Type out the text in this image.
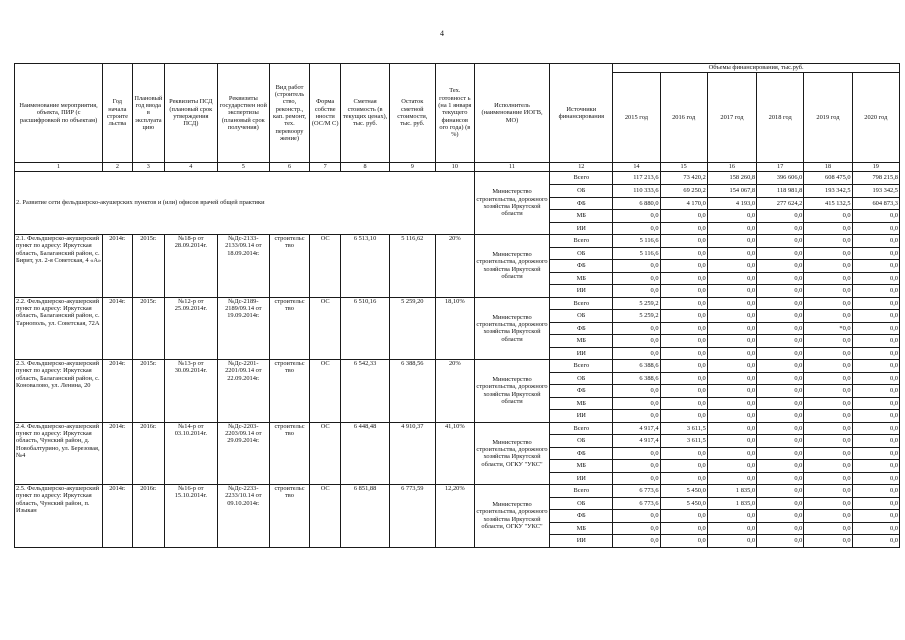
4
Наименование мероприятия, объекта, ПИР (с расшифровкой по объектам)	Год начала строите льства	Плановый год ввода в эксплуата цию	Реквизиты ПСД (плановый срок утверждения ПСД)	Реквизиты государствен ной экспертизы (плановый срок получения)	Вид работ (строитель ство, реконстр., кап. ремонт, тех. перевоору жение)	Форма собстве нности (ОС/М С)	Сметная стоимость (в текущих ценах), тыс. руб.	Остаток сметной стоимости, тыс. руб.	Тех. готовност ь (на 1 января текущего финансов ого года) (в %)	Исполнитель (наименование ИОГВ, МО)	Источники финансирования	Объемы финансирования, тыс.руб.					
												2015 год	2016 год	2017 год	2018 год	2019 год	2020 год
1	2	3	4	5	6	7	8	9	10	11	12	14	15	16	17	18	19
2. Развитие сети фельдшерско-акушерских пунктов и (или) офисов врачей общей практики										Министерство строительства, дорожного хозяйства Иркутской области	Всего	117 213,6	73 420,2	158 260,8	396 606,0	608 475,0	798 215,8
											ОБ	110 333,6	69 250,2	154 067,8	118 981,8	193 342,5	193 342,5
											ФБ	6 880,0	4 170,0	4 193,0	277 624,2	415 132,5	604 873,3
											МБ	0,0	0,0	0,0	0,0	0,0	0,0
											ИИ	0,0	0,0	0,0	0,0	0,0	0,0
2.1. Фельдшерско-акушерский пункт по адресу: Иркутская область, Балаганский район, с. Бирит, ул. 2-я Советская, 4 «А»	2014г.	2015г.	№18-р от 28.09.2014г.	№Дс-2133-2133/09.14 от 18.09.2014г.	строительс тво	ОС	6 513,10	5 116,62	20%	Министерство строительства, дорожного хозяйства Иркутской области	Всего	5 116,6	0,0	0,0	0,0	0,0	0,0
											ОБ	5 116,6	0,0	0,0	0,0	0,0	0,0
											ФБ	0,0	0,0	0,0	0,0	0,0	0,0
											МБ	0,0	0,0	0,0	0,0	0,0	0,0
											ИИ	0,0	0,0	0,0	0,0	0,0	0,0
2.2. Фельдшерско-акушерский пункт по адресу: Иркутская область, Балаганский район, с. Тарнополь, ул. Советская, 72А	2014г.	2015г.	№12-р от 25.09.2014г.	№Дс-2189-2189/09.14 от 19.09.2014г.	строительс тво	ОС	6 510,16	5 259,20	18,10%	Министерство строительства, дорожного хозяйства Иркутской области	Всего	5 259,2	0,0	0,0	0,0	0,0	0,0
											ОБ	5 259,2	0,0	0,0	0,0	0,0	0,0
											ФБ	0,0	0,0	0,0	0,0	*0,0	0,0
											МБ	0,0	0,0	0,0	0,0	0,0	0,0
											ИИ	0,0	0,0	0,0	0,0	0,0	0,0
2.3. Фельдшерско-акушерский пункт по адресу: Иркутская область, Балаганский район, с. Коноваловo, ул. Ленина, 20	2014г.	2015г.	№13-р от 30.09.2014г.	№Дс-2201-2201/09.14 от 22.09.2014г.	строительс тво	ОС	6 542,33	6 388,56	20%	Министерство строительства, дорожного хозяйства Иркутской области	Всего	6 388,6	0,0	0,0	0,0	0,0	0,0
											ОБ	6 388,6	0,0	0,0	0,0	0,0	0,0
											ФБ	0,0	0,0	0,0	0,0	0,0	0,0
											МБ	0,0	0,0	0,0	0,0	0,0	0,0
											ИИ	0,0	0,0	0,0	0,0	0,0	0,0
2.4. Фельдшерско-акушерский пункт по адресу: Иркутская область, Чунский район, д. Новобалтурино, ул. Березовая, №4	2014г.	2016г.	№14-р от 03.10.2014г.	№Дс-2203-2203/09.14 от 29.09.2014г.	строительс тво	ОС	6 448,48	4 910,37	41,10%	Министерство строительства, дорожного хозяйства Иркутской области, ОГКУ "УКС"	Всего	4 917,4	3 611,5	0,0	0,0	0,0	0,0
											ОБ	4 917,4	3 611,5	0,0	0,0	0,0	0,0
											ФБ	0,0	0,0	0,0	0,0	0,0	0,0
											МБ	0,0	0,0	0,0	0,0	0,0	0,0
											ИИ	0,0	0,0	0,0	0,0	0,0	0,0
2.5. Фельдшерско-акушерский пункт по адресу: Иркутская область, Чунский район, п. Изыкан	2014г.	2016г.	№16-р от 15.10.2014г.	№Дс-2233-2233/10.14 от 09.10.2014г.	строительс тво	ОС	6 851,88	6 773,59	12,20%	Министерство строительства, дорожного хозяйства Иркутской области, ОГКУ "УКС"	Всего	6 773,6	5 450,0	1 835,0	0,0	0,0	0,0
											ОБ	6 773,6	5 450,0	1 835,0	0,0	0,0	0,0
											ФБ	0,0	0,0	0,0	0,0	0,0	0,0
											МБ	0,0	0,0	0,0	0,0	0,0	0,0
											ИИ	0,0	0,0	0,0	0,0	0,0	0,0
